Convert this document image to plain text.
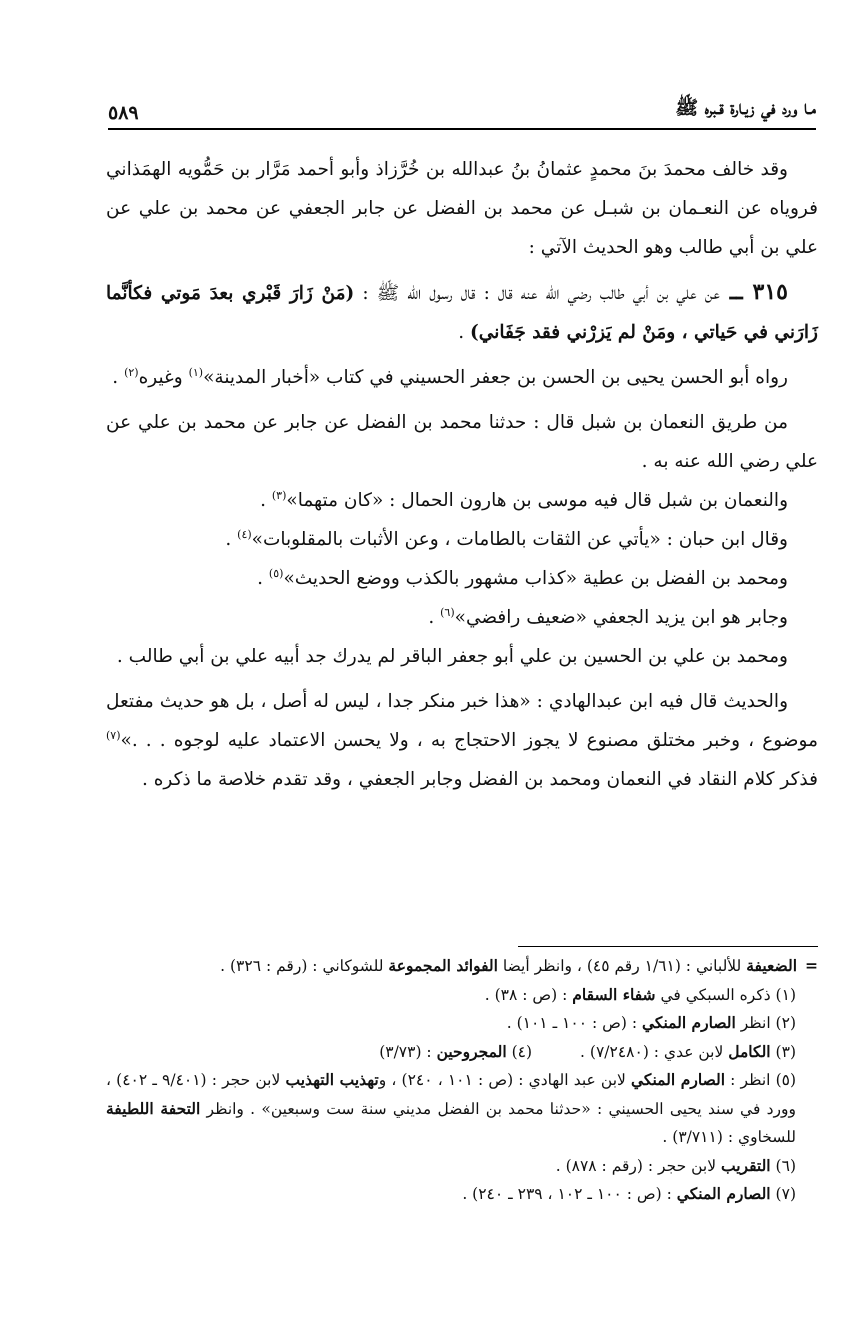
مـا ورد في زيـارة قـبره ﷺ
٥٨٩

وقد خالف محمدَ بنَ محمدٍ عثمانُ بنُ عبدالله بن خُرَّزاذ وأبو أحمد مَرَّار بن حَمُّويه الهمَذاني فروياه عن النعـمان بن شبـل عن محمد بن الفضل عن جابر الجعفي عن محمد بن علي عن علي بن أبي طالب وهو الحديث الآتي :

٣١٥ ــ عن علي بن أبي طالب رضي الله عنه قال : قال رسول الله ﷺ : (مَنْ زَارَ قَبْري بعدَ مَوتي فكأنَّما زَارَني في حَياتي ، ومَنْ لم يَزرْني فقد جَفَاني) .

رواه أبو الحسن يحيى بن الحسن بن جعفر الحسيني في كتاب «أخبار المدينة»$^{(١)}$ وغيره$^{(٢)}$ .

من طريق النعمان بن شبل قال : حدثنا محمد بن الفضل عن جابر عن محمد بن علي عن علي رضي الله عنه به .

والنعمان بن شبل قال فيه موسى بن هارون الحمال : «كان متهما»$^{(٣)}$ .

وقال ابن حبان : «يأتي عن الثقات بالطامات ، وعن الأثبات بالمقلوبات»$^{(٤)}$ .

ومحمد بن الفضل بن عطية «كذاب مشهور بالكذب ووضع الحديث»$^{(٥)}$ .

وجابر هو ابن يزيد الجعفي «ضعيف رافضي»$^{(٦)}$ .

ومحمد بن علي بن الحسين بن علي أبو جعفر الباقر لم يدرك جد أبيه علي بن أبي طالب .

والحديث قال فيه ابن عبدالهادي : «هذا خبر منكر جدا ، ليس له أصل ، بل هو حديث مفتعل موضوع ، وخبر مختلق مصنوع لا يجوز الاحتجاج به ، ولا يحسن الاعتماد عليه لوجوه . . .»$^{(٧)}$ فذكر كلام النقاد في النعمان ومحمد بن الفضل وجابر الجعفي ، وقد تقدم خلاصة ما ذكره .

=الضعيفة للألباني : (١/٦١ رقم ٤٥) ، وانظر أيضا الفوائد المجموعة للشوكاني : (رقم : ٣٢٦) .

(١) ذكره السبكي في شفاء السقام : (ص : ٣٨) .

(٢) انظر الصارم المنكي : (ص : ١٠٠ ـ ١٠١) .

(٣) الكامل لابن عدي : (٧/٢٤٨٠) .(٤) المجروحين : (٣/٧٣)

(٥) انظر : الصارم المنكي لابن عبد الهادي : (ص : ١٠١ ، ٢٤٠) ، وتهذيب التهذيب لابن حجر : (٩/٤٠١ ـ ٤٠٢) ، وورد في سند يحيى الحسيني : «حدثنا محمد بن الفضل مديني سنة ست وسبعين» . وانظر التحفة اللطيفة للسخاوي : (٣/٧١١) .

(٦) التقريب لابن حجر : (رقم : ٨٧٨) .

(٧) الصارم المنكي : (ص : ١٠٠ ـ ١٠٢ ، ٢٣٩ ـ ٢٤٠) .
